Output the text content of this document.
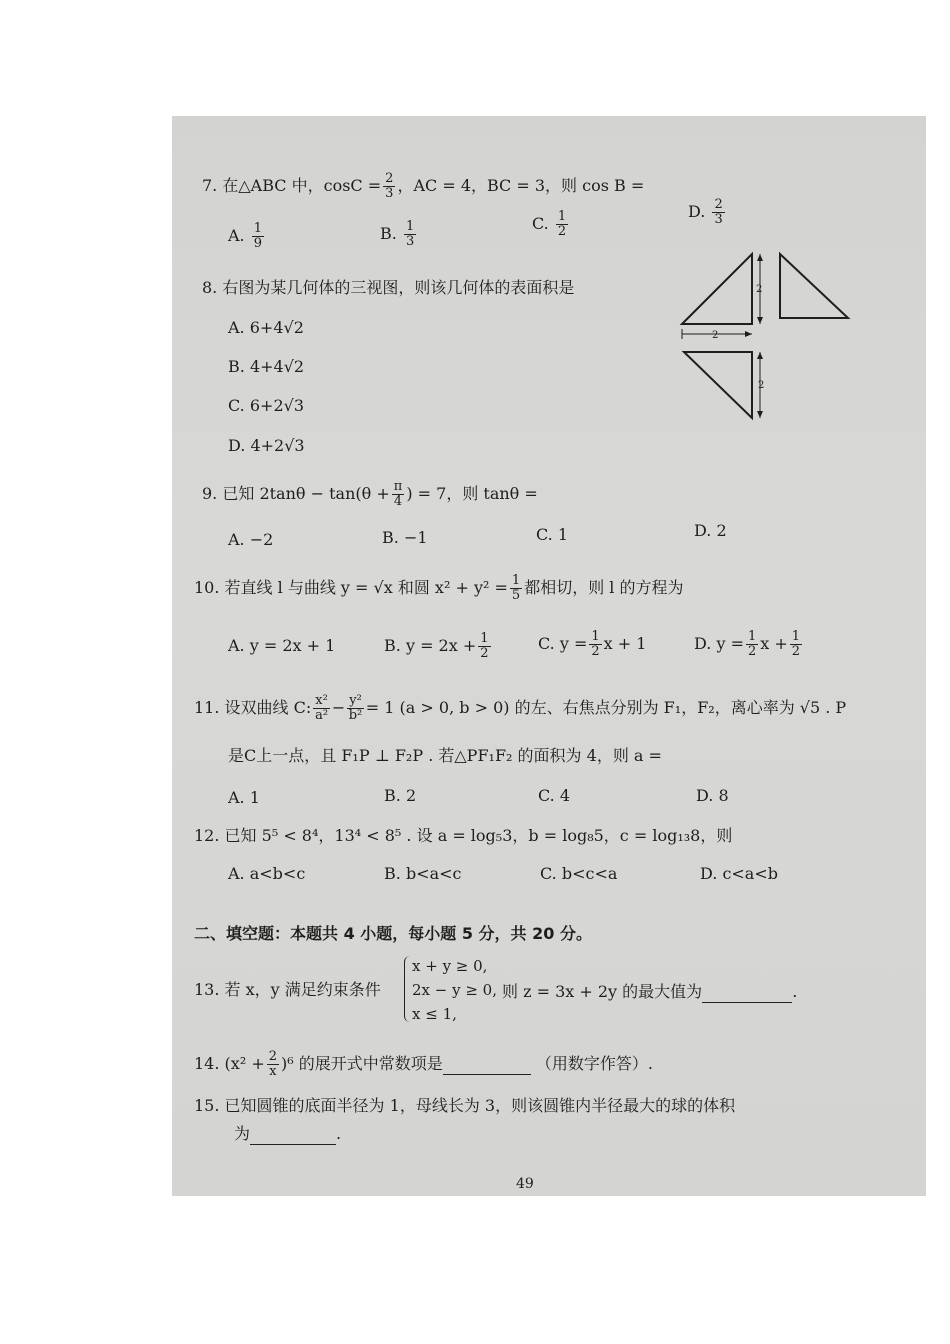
7. 在△ABC 中，$\cos C = \frac{2}{3}$ ，AC = 4，BC = 3，则 cos B =
A. $\frac{1}{9}$	B. $\frac{1}{3}$	C. $\frac{1}{2}$	D. $\frac{2}{3}$
8. 右图为某几何体的三视图，则该几何体的表面积是
A. 6+4√2
B. 4+4√2
C. 6+2√3
D. 4+2√3
2
2
2
9. 已知 $2\tan\theta - \tan(\theta + \frac{\pi}{4}$ ) = 7，则 tanθ =
A. −2	B. −1	C. 1	D. 2
10. 若直线 l 与曲线 y = √x 和圆 $x^2 + y^2 = \frac{1}{5}$ 都相切，则 l 的方程为
A. y = 2x + 1	B. $y = 2x + \frac{1}{2}$	C. $y = \frac{1}{2}$ x + 1	D. $y = \frac{1}{2}$ $x + \frac{1}{2}$
11. 设双曲线 C: $\frac{\text{x²}}{\text{a²}} - \frac{\text{y²}}{\text{b²}} = 1$ (a > 0, b > 0) 的左、右焦点分别为 F₁，F₂，离心率为 √5 . P
是C上一点，且 F₁P ⊥ F₂P . 若△PF₁F₂ 的面积为 4，则 a =
A. 1	B. 2	C. 4	D. 8
12. 已知 5⁵ < 8⁴，13⁴ < 8⁵ . 设 a = log₅3，b = log₈5，c = log₁₃8，则
A. a<b<c	B. b<a<c	C. b<c<a	D. c<a<b
二、填空题：本题共 4 小题，每小题 5 分，共 20 分。
13. 若 x，y 满足约束条件
x + y ≥ 0,
2x − y ≥ 0,
x ≤ 1,
则 z = 3x + 2y 的最大值为	.
14. $(x^2 + \frac{2}{x} )^6$ 的展开式中常数项是	（用数字作答）.
15. 已知圆锥的底面半径为 1，母线长为 3，则该圆锥内半径最大的球的体积
为	.
49
